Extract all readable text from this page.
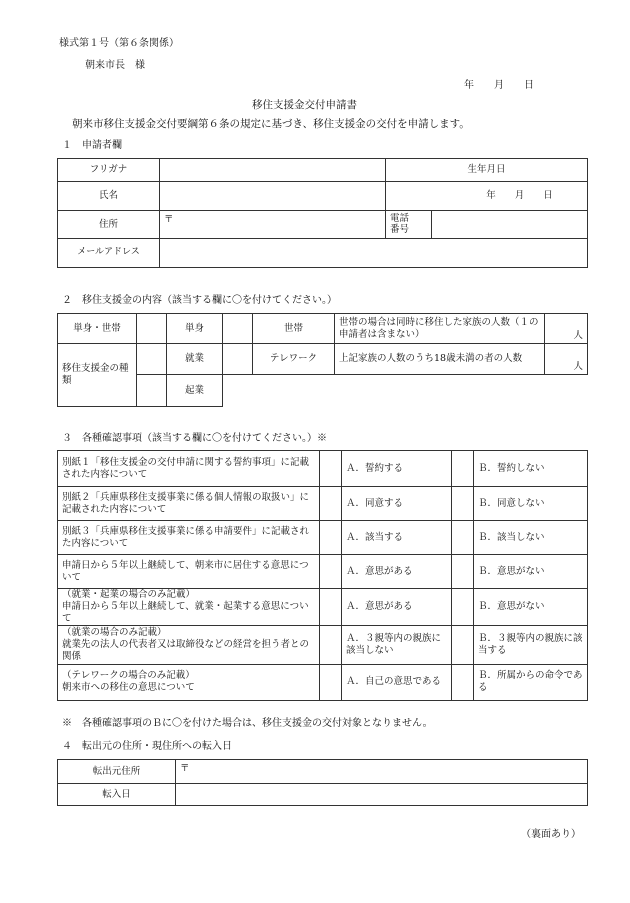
様式第１号（第６条関係）
朝来市長　様
年　　月　　日
移住支援金交付申請書
朝来市移住支援金交付要綱第６条の規定に基づき、移住支援金の交付を申請します。
１　申請者欄
フリガナ		生年月日	
氏名		年　　月　　日	
住所	〒	電話
番号	
メールアドレス			
２　移住支援金の内容（該当する欄に〇を付けてください。）
単身・世帯		単身		世帯	世帯の場合は同時に移住した家族の人数（１の申請者は含まない）	人
移住支援金の種類		就業		テレワーク	上記家族の人数のうち18歳未満の者の人数	人
		起業				
３　各種確認事項（該当する欄に〇を付けてください。）※
別紙１「移住支援金の交付申請に関する誓約事項」に記載された内容について		Ａ．誓約する		Ｂ．誓約しない
別紙２「兵庫県移住支援事業に係る個人情報の取扱い」に記載された内容について		Ａ．同意する		Ｂ．同意しない
別紙３「兵庫県移住支援事業に係る申請要件」に記載された内容について		Ａ．該当する		Ｂ．該当しない
申請日から５年以上継続して、朝来市に居住する意思について		Ａ．意思がある		Ｂ．意思がない
（就業・起業の場合のみ記載）
申請日から５年以上継続して、就業・起業する意思について		Ａ．意思がある		Ｂ．意思がない
（就業の場合のみ記載）
就業先の法人の代表者又は取締役などの経営を担う者との関係		Ａ．３親等内の親族に該当しない		Ｂ．３親等内の親族に該当する
（テレワークの場合のみ記載）
朝来市への移住の意思について		Ａ．自己の意思である		Ｂ．所属からの命令である
※　各種確認事項のＢに〇を付けた場合は、移住支援金の交付対象となりません。
４　転出元の住所・現住所への転入日
転出元住所	〒
転入日	
（裏面あり）
